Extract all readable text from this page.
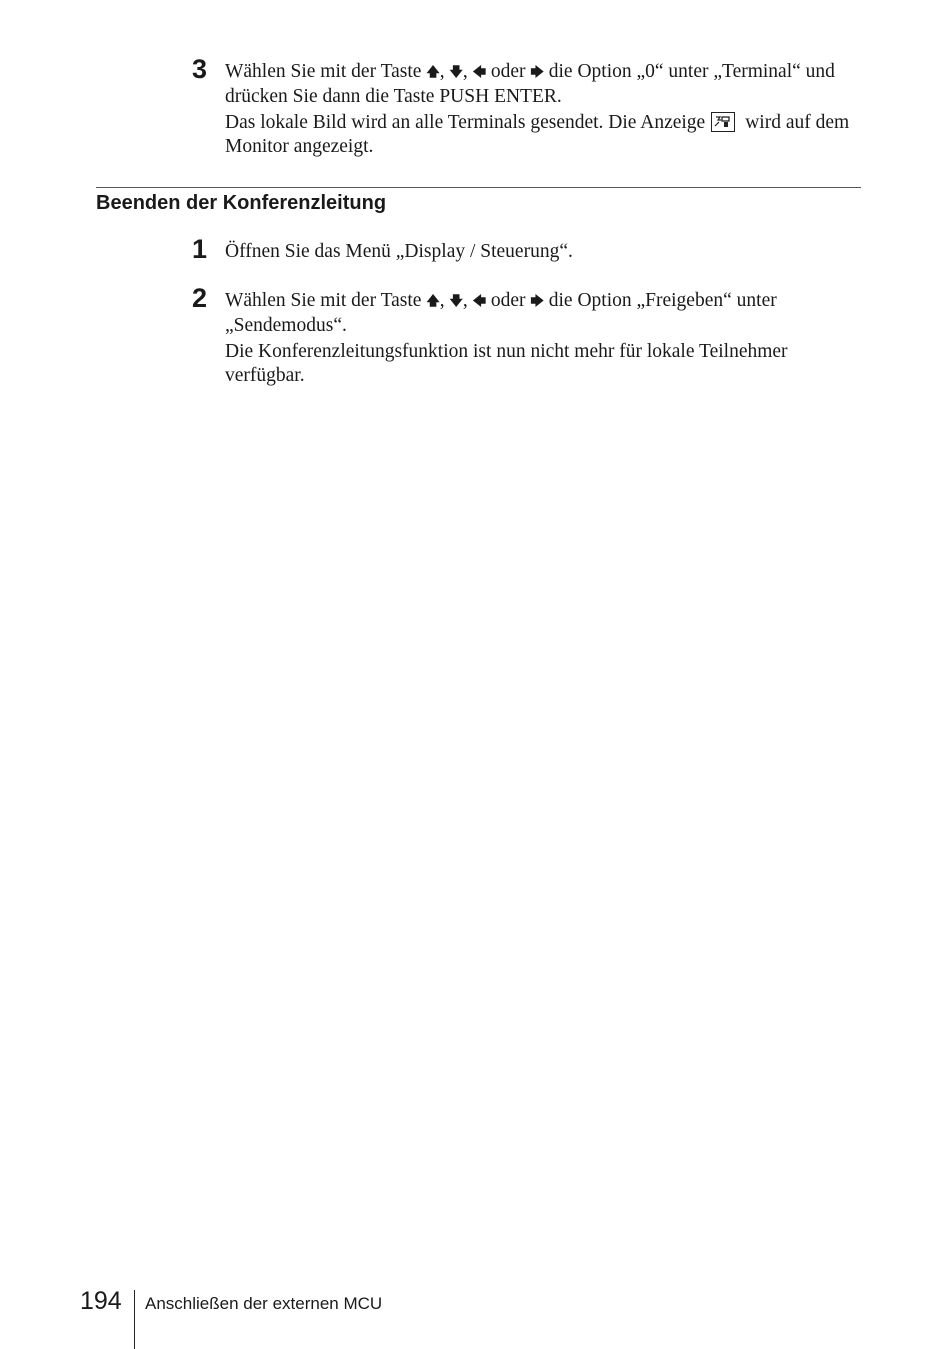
3 Wählen Sie mit der Taste 🡅, 🡇, 🡄 oder 🡆 die Option „0“ unter „Terminal“ und drücken Sie dann die Taste PUSH ENTER.

Das lokale Bild wird an alle Terminals gesendet. Die Anzeige wird auf dem Monitor angezeigt.

Beenden der Konferenzleitung
1 Öffnen Sie das Menü „Display / Steuerung“.

2 Wählen Sie mit der Taste 🡅, 🡇, 🡄 oder 🡆 die Option „Freigeben“ unter „Sendemodus“.

Die Konferenzleitungsfunktion ist nun nicht mehr für lokale Teilnehmer verfügbar.

194 Anschließen der externen MCU
